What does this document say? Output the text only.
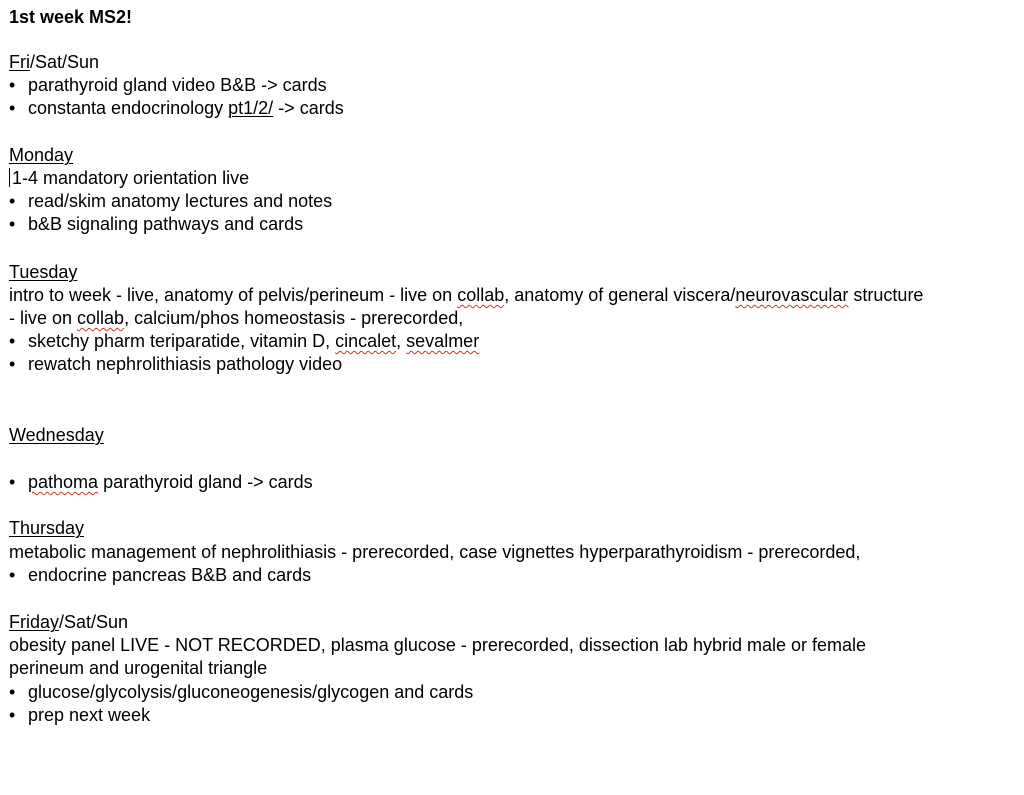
1st week MS2!
Fri/Sat/Sun
• parathyroid gland video B&B -> cards
• constanta endocrinology pt1/2/ -> cards
Monday
1-4 mandatory orientation live
• read/skim anatomy lectures and notes
• b&B signaling pathways and cards
Tuesday
intro to week - live, anatomy of pelvis/perineum - live on collab, anatomy of general viscera/neurovascular structure
- live on collab, calcium/phos homeostasis - prerecorded,
• sketchy pharm teriparatide, vitamin D, cincalet, sevalmer
• rewatch nephrolithiasis pathology video
Wednesday
• pathoma parathyroid gland -> cards
Thursday
metabolic management of nephrolithiasis - prerecorded, case vignettes hyperparathyroidism - prerecorded,
• endocrine pancreas B&B and cards
Friday/Sat/Sun
obesity panel LIVE - NOT RECORDED, plasma glucose - prerecorded, dissection lab hybrid male or female
perineum and urogenital triangle
• glucose/glycolysis/gluconeogenesis/glycogen and cards
• prep next week
